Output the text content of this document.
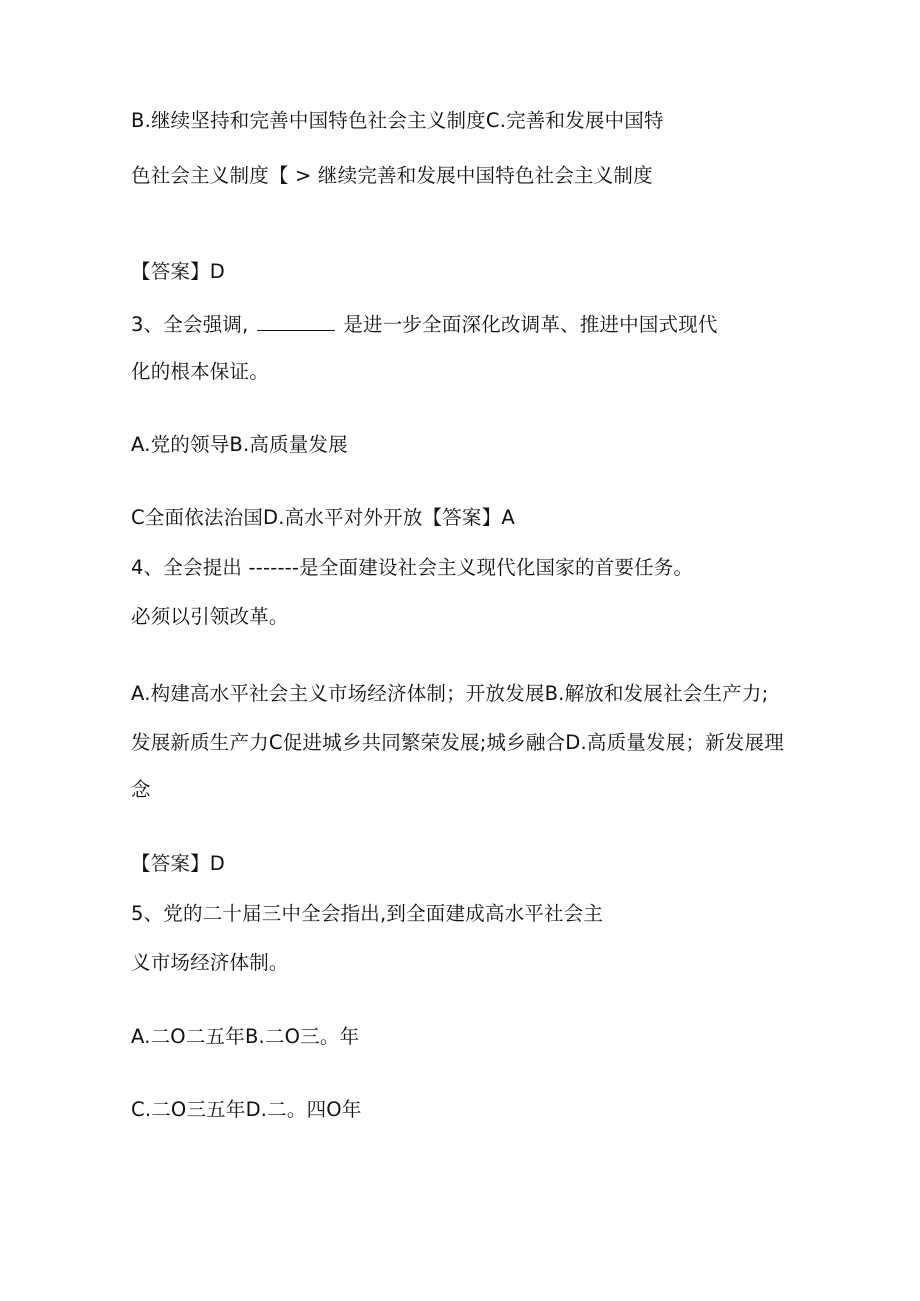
B.继续坚持和完善中国特色社会主义制度C.完善和发展中国特
色社会主义制度【 > 继续完善和发展中国特色社会主义制度
【答案】D
3、全会强调,	是进一步全面深化改调革、推进中国式现代
化的根本保证。
A.党的领导B.高质量发展
C全面依法治国D.高水平对外开放【答案】A
4、全会提出 -------是全面建设社会主义现代化国家的首要任务。
必须以引领改革。
A.构建高水平社会主义市场经济体制；开放发展B.解放和发展社会生产力;
发展新质生产力C促进城乡共同繁荣发展;城乡融合D.高质量发展；新发展理
念
【答案】D
5、党的二十届三中全会指出,到全面建成高水平社会主
义市场经济体制。
A.二O二五年B.二O三。年
C.二O三五年D.二。四O年
